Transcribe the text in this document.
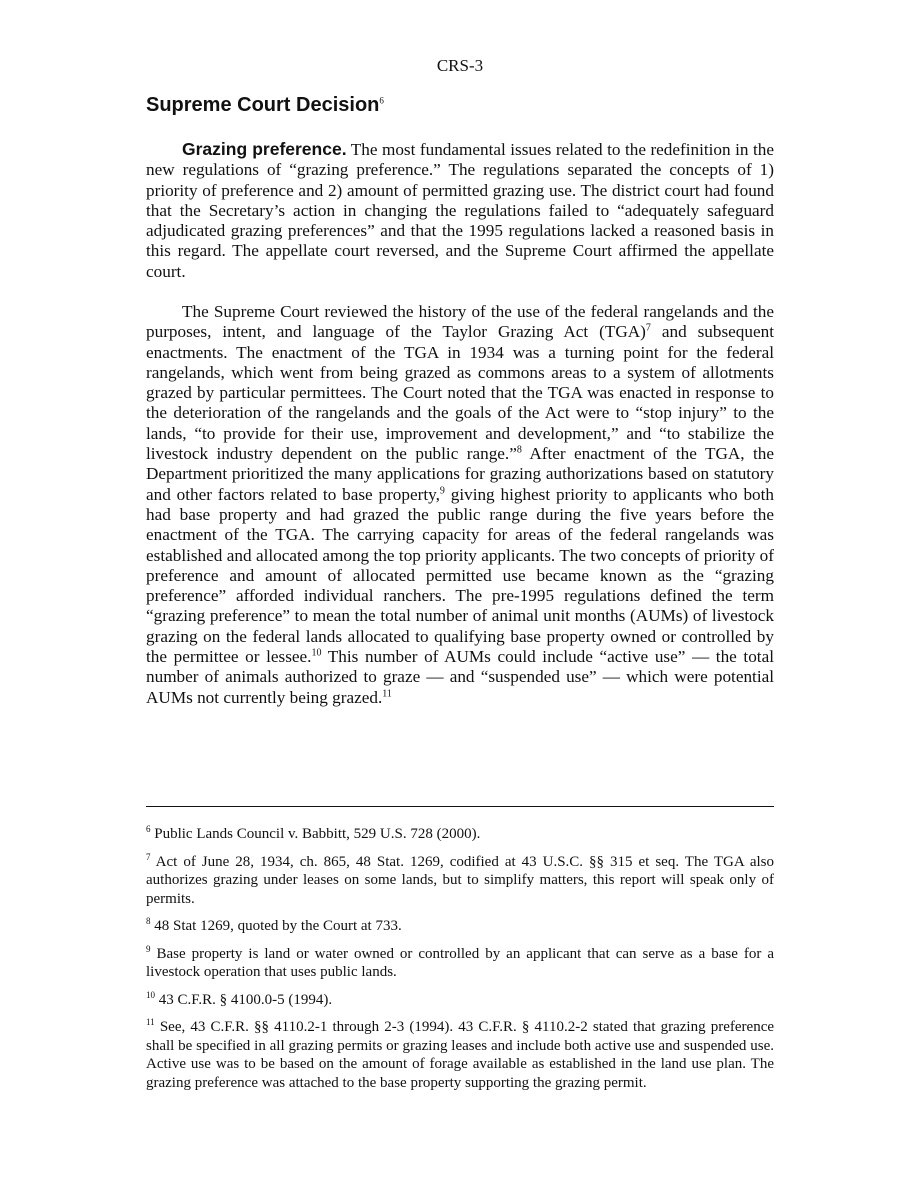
CRS-3
Supreme Court Decision$^6$

Grazing preference. The most fundamental issues related to the redefinition in the new regulations of “grazing preference.” The regulations separated the concepts of 1) priority of preference and 2) amount of permitted grazing use. The district court had found that the Secretary’s action in changing the regulations failed to “adequately safeguard adjudicated grazing preferences” and that the 1995 regulations lacked a reasoned basis in this regard. The appellate court reversed, and the Supreme Court affirmed the appellate court.

The Supreme Court reviewed the history of the use of the federal rangelands and the purposes, intent, and language of the Taylor Grazing Act (TGA)$^7$ and subsequent enactments. The enactment of the TGA in 1934 was a turning point for the federal rangelands, which went from being grazed as commons areas to a system of allotments grazed by particular permittees. The Court noted that the TGA was enacted in response to the deterioration of the rangelands and the goals of the Act were to “stop injury” to the lands, “to provide for their use, improvement and development,” and “to stabilize the livestock industry dependent on the public range.”$^8$ After enactment of the TGA, the Department prioritized the many applications for grazing authorizations based on statutory and other factors related to base property,$^9$ giving highest priority to applicants who both had base property and had grazed the public range during the five years before the enactment of the TGA. The carrying capacity for areas of the federal rangelands was established and allocated among the top priority applicants. The two concepts of priority of preference and amount of allocated permitted use became known as the “grazing preference” afforded individual ranchers. The pre-1995 regulations defined the term “grazing preference” to mean the total number of animal unit months (AUMs) of livestock grazing on the federal lands allocated to qualifying base property owned or controlled by the permittee or lessee.$^{10}$ This number of AUMs could include “active use” — the total number of animals authorized to graze — and “suspended use” — which were potential AUMs not currently being grazed.$^{11}$

$^6$ Public Lands Council v. Babbitt, 529 U.S. 728 (2000).

$^7$ Act of June 28, 1934, ch. 865, 48 Stat. 1269, codified at 43 U.S.C. §§ 315 et seq. The TGA also authorizes grazing under leases on some lands, but to simplify matters, this report will speak only of permits.

$^8$ 48 Stat 1269, quoted by the Court at 733.

$^9$ Base property is land or water owned or controlled by an applicant that can serve as a base for a livestock operation that uses public lands.

$^{10}$ 43 C.F.R. § 4100.0-5 (1994).

$^{11}$ See, 43 C.F.R. §§ 4110.2-1 through 2-3 (1994). 43 C.F.R. § 4110.2-2 stated that grazing preference shall be specified in all grazing permits or grazing leases and include both active use and suspended use. Active use was to be based on the amount of forage available as established in the land use plan. The grazing preference was attached to the base property supporting the grazing permit.
